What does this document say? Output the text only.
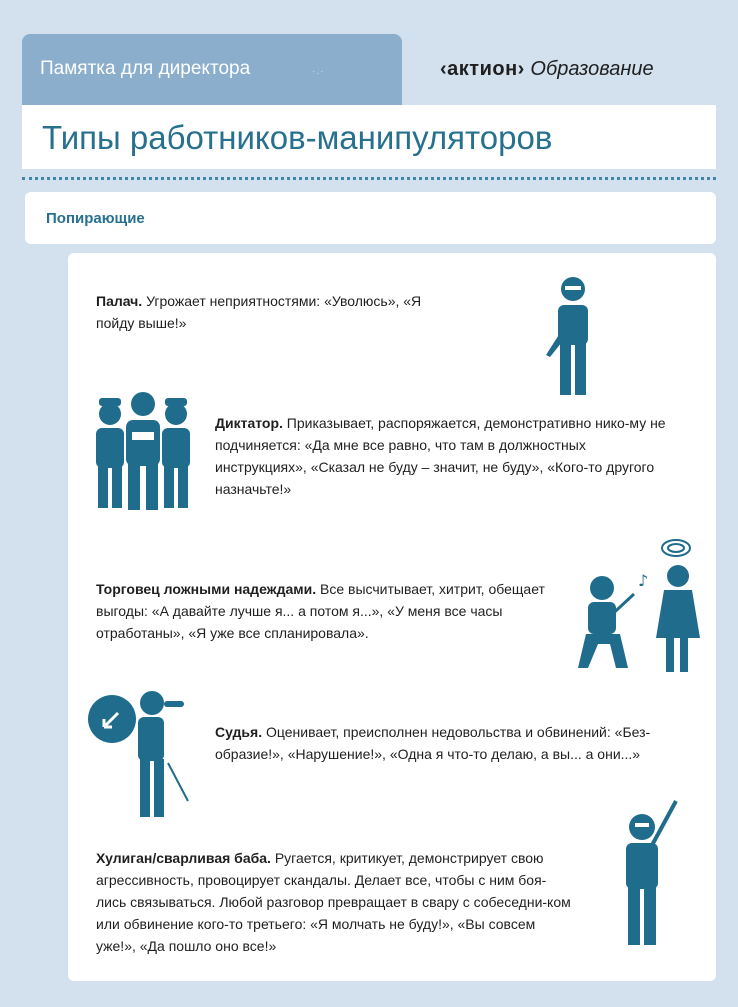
Памятка для директора	·.·	‹актион› Образование
Типы работников-манипуляторов
Попирающие
Палач. Угрожает неприятностями: «Уволюсь», «Я пойду выше!»
Диктатор. Приказывает, распоряжается, демонстративно нико-му не подчиняется: «Да мне все равно, что там в должностных инструкциях», «Сказал не буду – значит, не буду», «Кого-то другого назначьте!»
Торговец ложными надеждами. Все высчитывает, хитрит, обещает выгоды: «А давайте лучше я... а потом я...», «У меня все часы отработаны», «Я уже все спланировала».
♪
Судья. Оценивает, преисполнен недовольства и обвинений: «Без-образие!», «Нарушение!», «Одна я что-то делаю, а вы... а они...»
Хулиган/сварливая баба. Ругается, критикует, демонстрирует свою агрессивность, провоцирует скандалы. Делает все, чтобы с ним боя-лись связываться. Любой разговор превращает в свару с собеседни-ком или обвинение кого-то третьего: «Я молчать не буду!», «Вы совсем уже!», «Да пошло оно все!»
